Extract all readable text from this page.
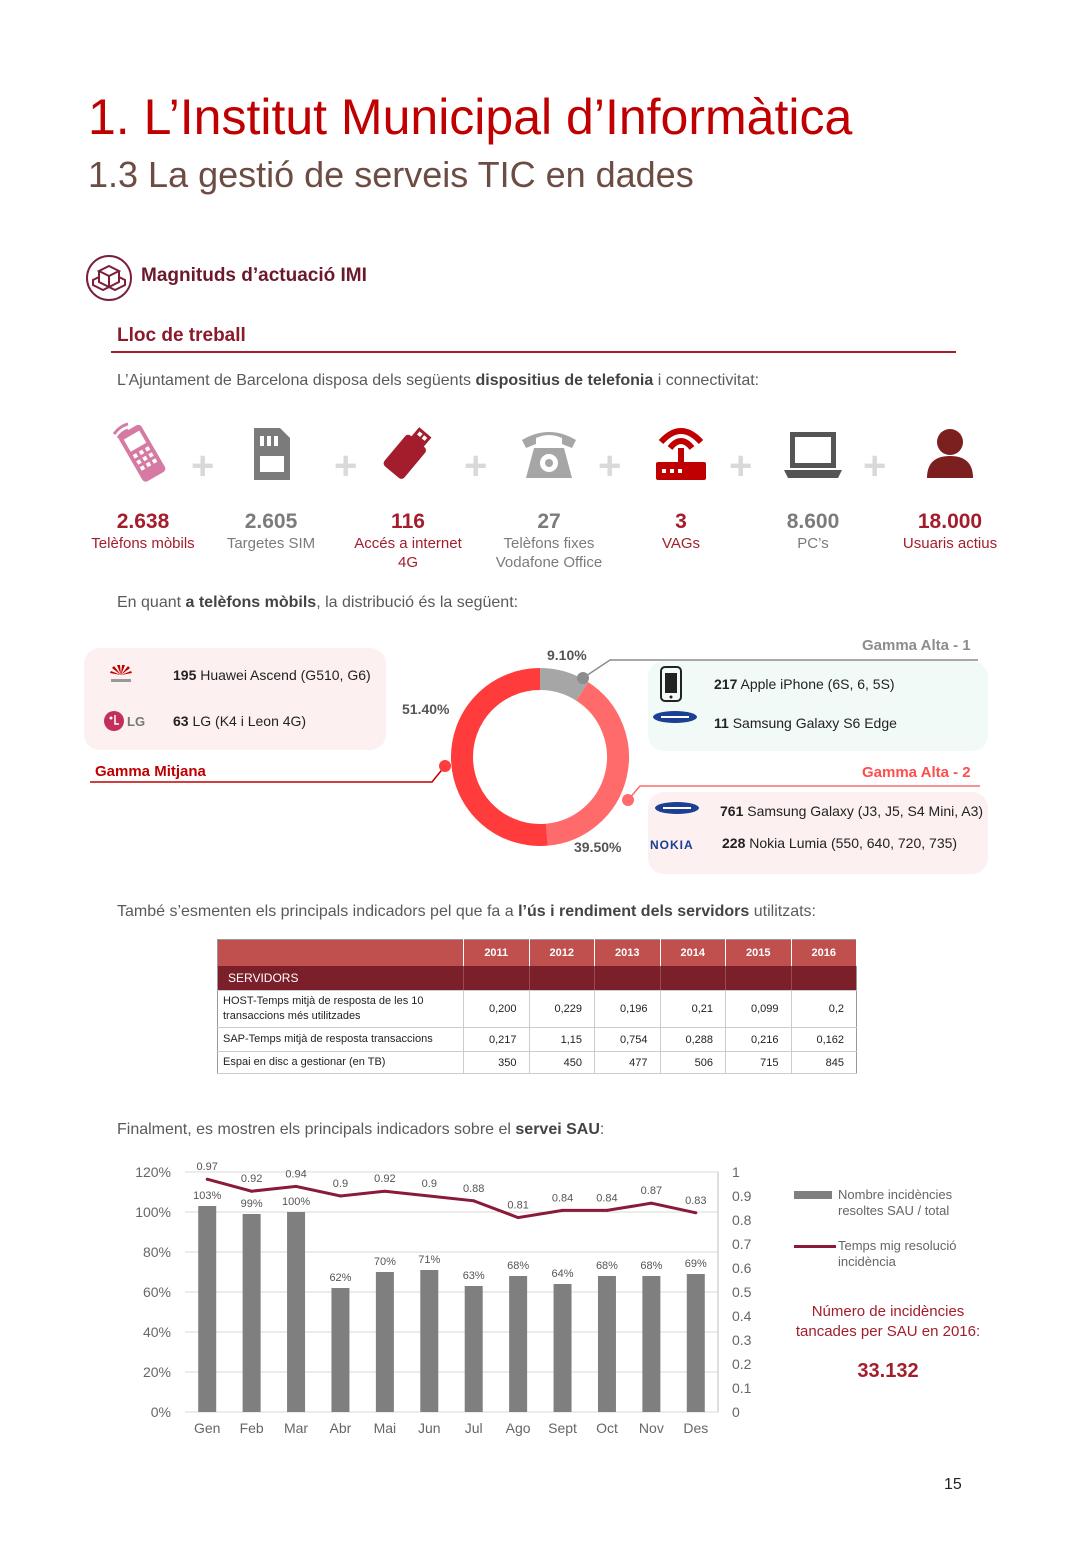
1. L’Institut Municipal d’Informàtica
1.3 La gestió de serveis TIC en dades
Magnituds d’actuació IMI
Lloc de treball
L’Ajuntament de Barcelona disposa dels següents dispositius de telefonia i connectivitat:
2.638
Telèfons mòbils
+
2.605
Targetes SIM
+
116
Accés a internet
4G
+
27
Telèfons fixes
Vodafone Office
+
3
VAGs
+
8.600
PC’s
+
18.000
Usuaris actius
En quant a telèfons mòbils, la distribució és la següent:
195 Huawei Ascend (G510, G6)
LG 63 LG (K4 i Leon 4G)
Gamma Mitjana
51.40%
Gamma Alta - 1
9.10%
217 Apple iPhone (6S, 6, 5S)
11 Samsung Galaxy S6 Edge
Gamma Alta - 2
39.50%
761 Samsung Galaxy (J3, J5, S4 Mini, A3)
NOKIA 228 Nokia Lumia (550, 640, 720, 735)
També s’esmenten els principals indicadors pel que fa a l’ús i rendiment dels servidors utilitzats:
	2011	2012	2013	2014	2015	2016
SERVIDORS						
HOST-Temps mitjà de resposta de les 10 transaccions més utilitzades	0,200	0,229	0,196	0,21	0,099	0,2
SAP-Temps mitjà de resposta transaccions	0,217	1,15	0,754	0,288	0,216	0,162
Espai en disc a gestionar (en TB)	350	450	477	506	715	845
Finalment, es mostren els principals indicadors sobre el servei SAU:
0%
20%
40%
60%
80%
100%
120%
0
0.1
0.2
0.3
0.4
0.5
0.6
0.7
0.8
0.9
1
103%
Gen
99%
Feb
100%
Mar
62%
Abr
70%
Mai
71%
Jun
63%
Jul
68%
Ago
64%
Sept
68%
Oct
68%
Nov
69%
Des
0.97
0.92 0.94
0.9 0.92 0.9 0.88
0.81
0.84 0.84
0.87
0.83	Nombre incidències
resoltes SAU / total
Temps mig resolució
incidència
Número de incidències tancades per SAU en 2016:
33.132
15
